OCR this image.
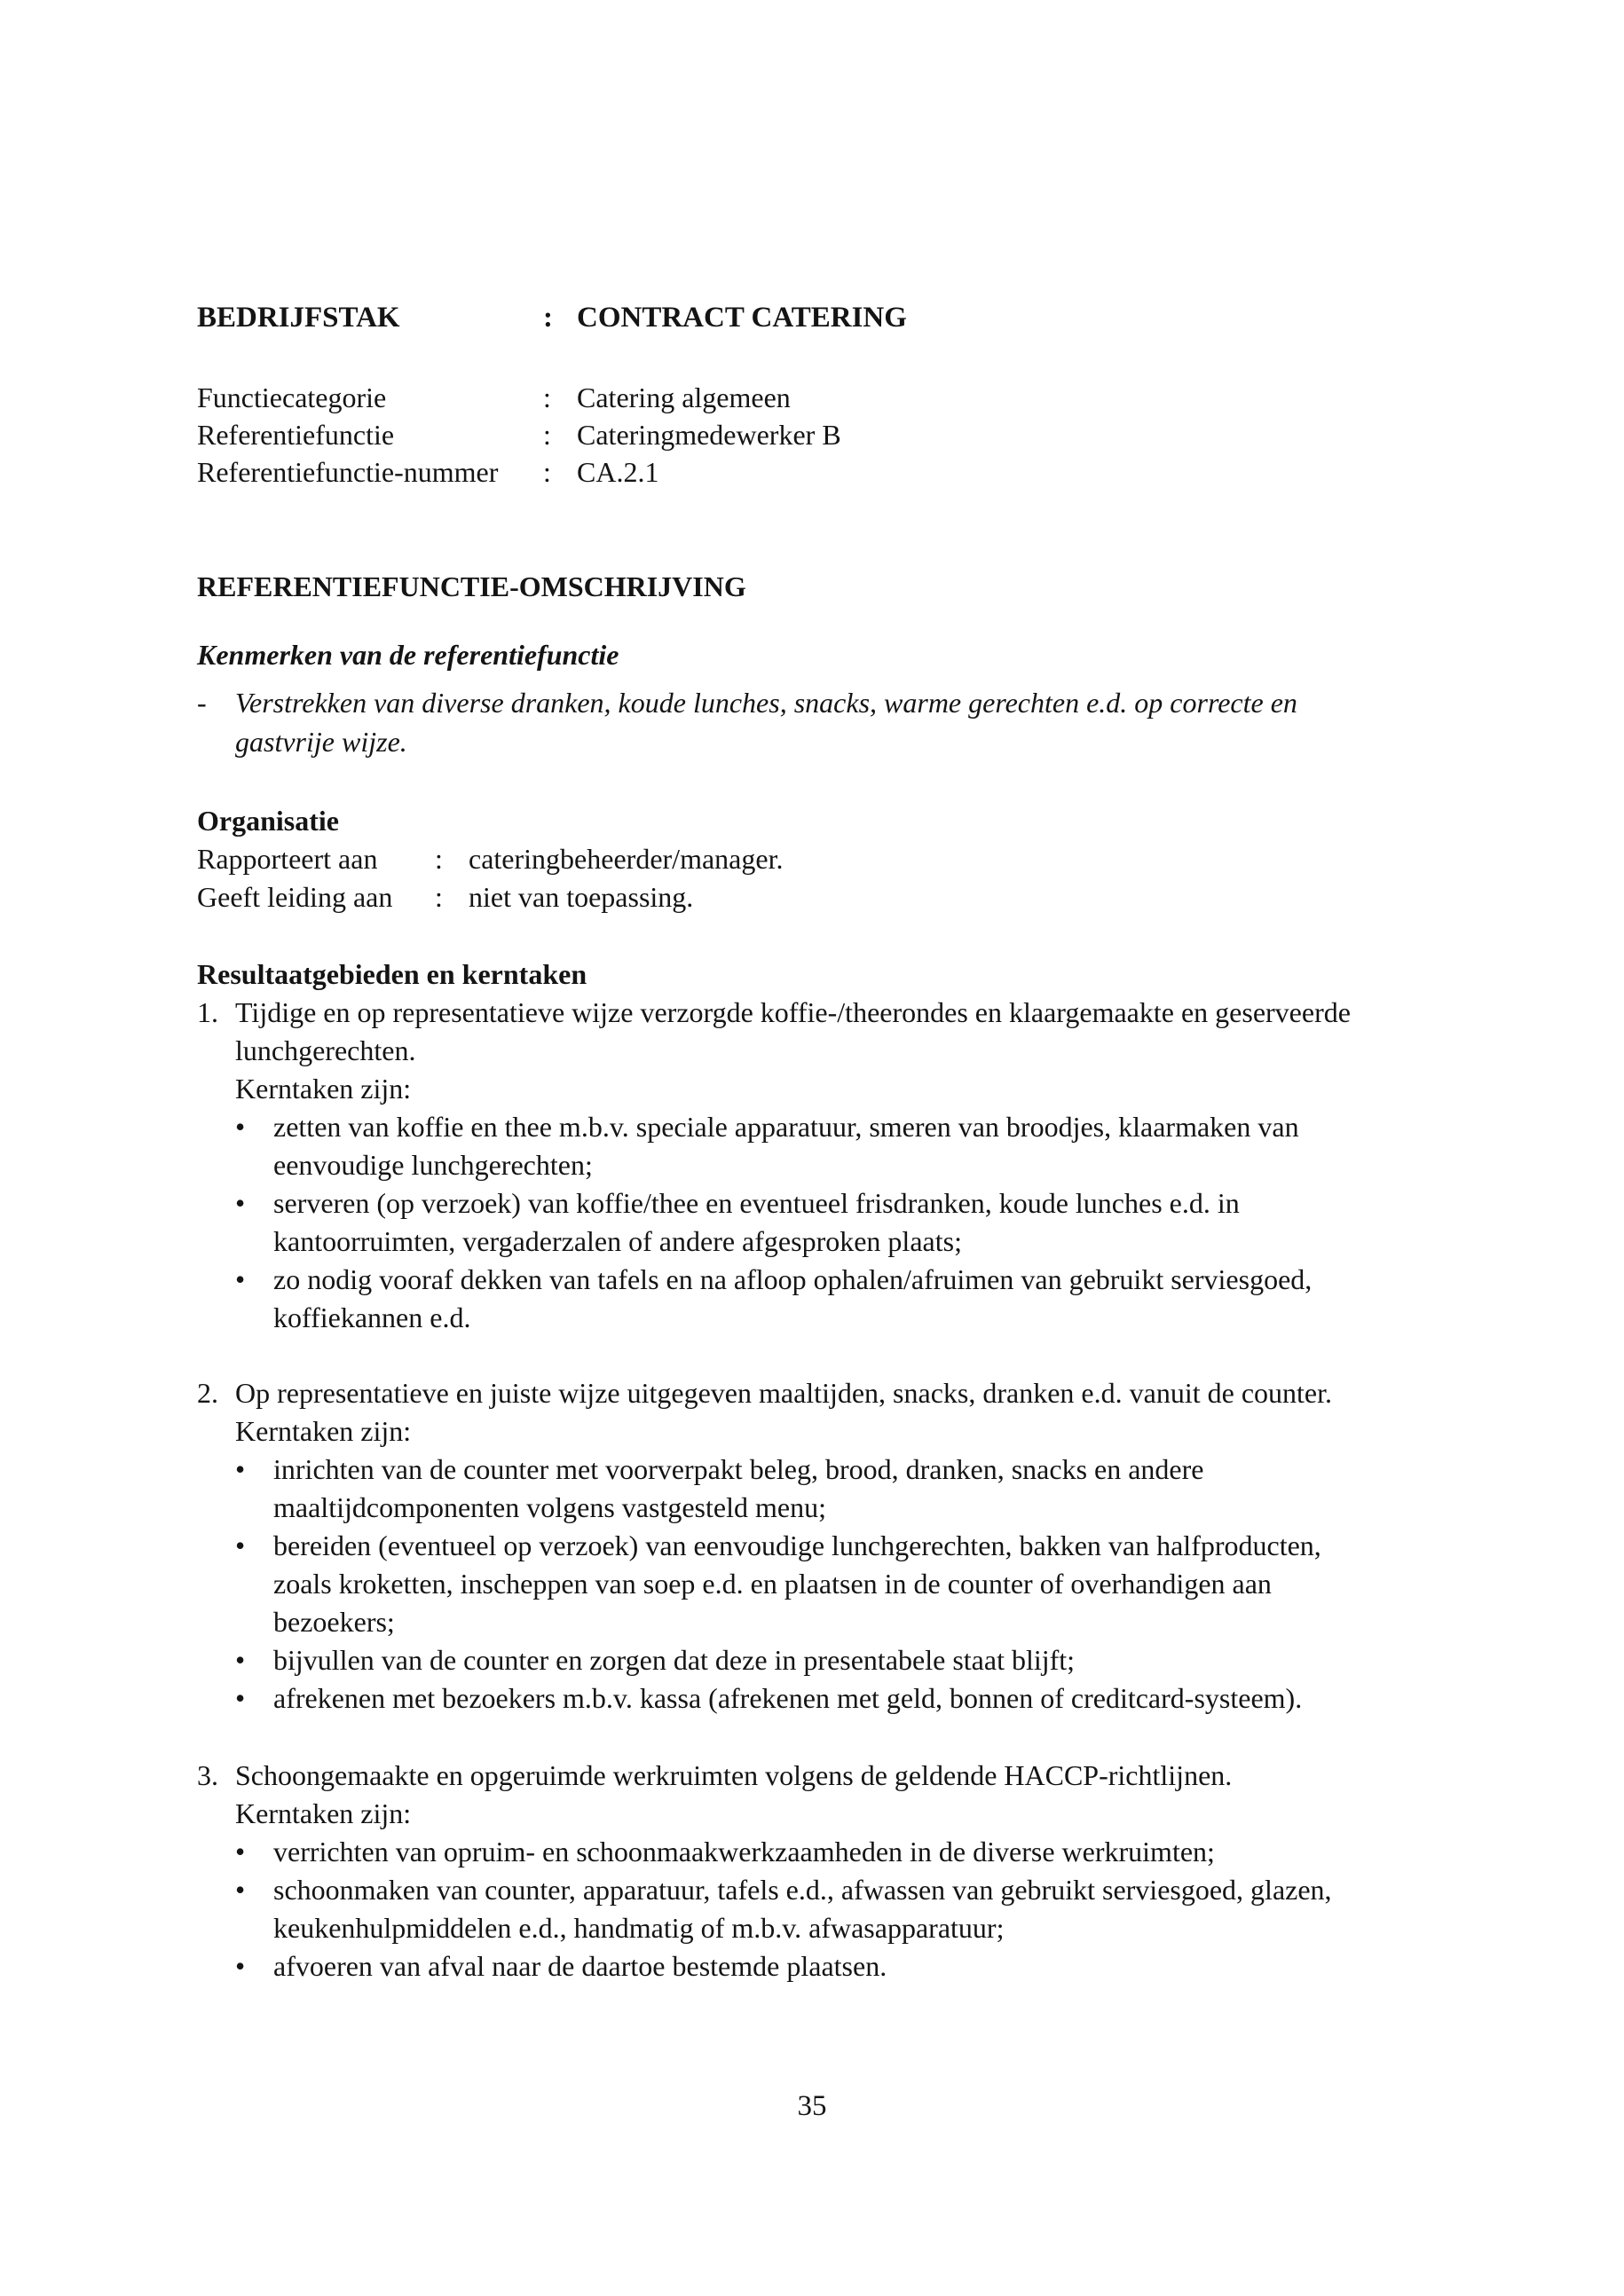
BEDRIJFSTAK	: CONTRACT CATERING
Functiecategorie	: Catering algemeen
Referentiefunctie	: Cateringmedewerker B
Referentiefunctie-nummer	: CA.2.1
REFERENTIEFUNCTIE-OMSCHRIJVING
Kenmerken van de referentiefunctie
- Verstrekken van diverse dranken, koude lunches, snacks, warme gerechten e.d. op correcte en
gastvrije wijze.
Organisatie
Rapporteert aan	: cateringbeheerder/manager.
Geeft leiding aan	: niet van toepassing.
Resultaatgebieden en kerntaken
1. Tijdige en op representatieve wijze verzorgde koffie-/theerondes en klaargemaakte en geserveerde
lunchgerechten.
Kerntaken zijn:
• zetten van koffie en thee m.b.v. speciale apparatuur, smeren van broodjes, klaarmaken van
eenvoudige lunchgerechten;
• serveren (op verzoek) van koffie/thee en eventueel frisdranken, koude lunches e.d. in
kantoorruimten, vergaderzalen of andere afgesproken plaats;
• zo nodig vooraf dekken van tafels en na afloop ophalen/afruimen van gebruikt serviesgoed,
koffiekannen e.d.
2. Op representatieve en juiste wijze uitgegeven maaltijden, snacks, dranken e.d. vanuit de counter.
Kerntaken zijn:
• inrichten van de counter met voorverpakt beleg, brood, dranken, snacks en andere
maaltijdcomponenten volgens vastgesteld menu;
• bereiden (eventueel op verzoek) van eenvoudige lunchgerechten, bakken van halfproducten,
zoals kroketten, inscheppen van soep e.d. en plaatsen in de counter of overhandigen aan
bezoekers;
• bijvullen van de counter en zorgen dat deze in presentabele staat blijft;
• afrekenen met bezoekers m.b.v. kassa (afrekenen met geld, bonnen of creditcard-systeem).
3. Schoongemaakte en opgeruimde werkruimten volgens de geldende HACCP-richtlijnen.
Kerntaken zijn:
• verrichten van opruim- en schoonmaakwerkzaamheden in de diverse werkruimten;
• schoonmaken van counter, apparatuur, tafels e.d., afwassen van gebruikt serviesgoed, glazen,
keukenhulpmiddelen e.d., handmatig of m.b.v. afwasapparatuur;
• afvoeren van afval naar de daartoe bestemde plaatsen.
35
